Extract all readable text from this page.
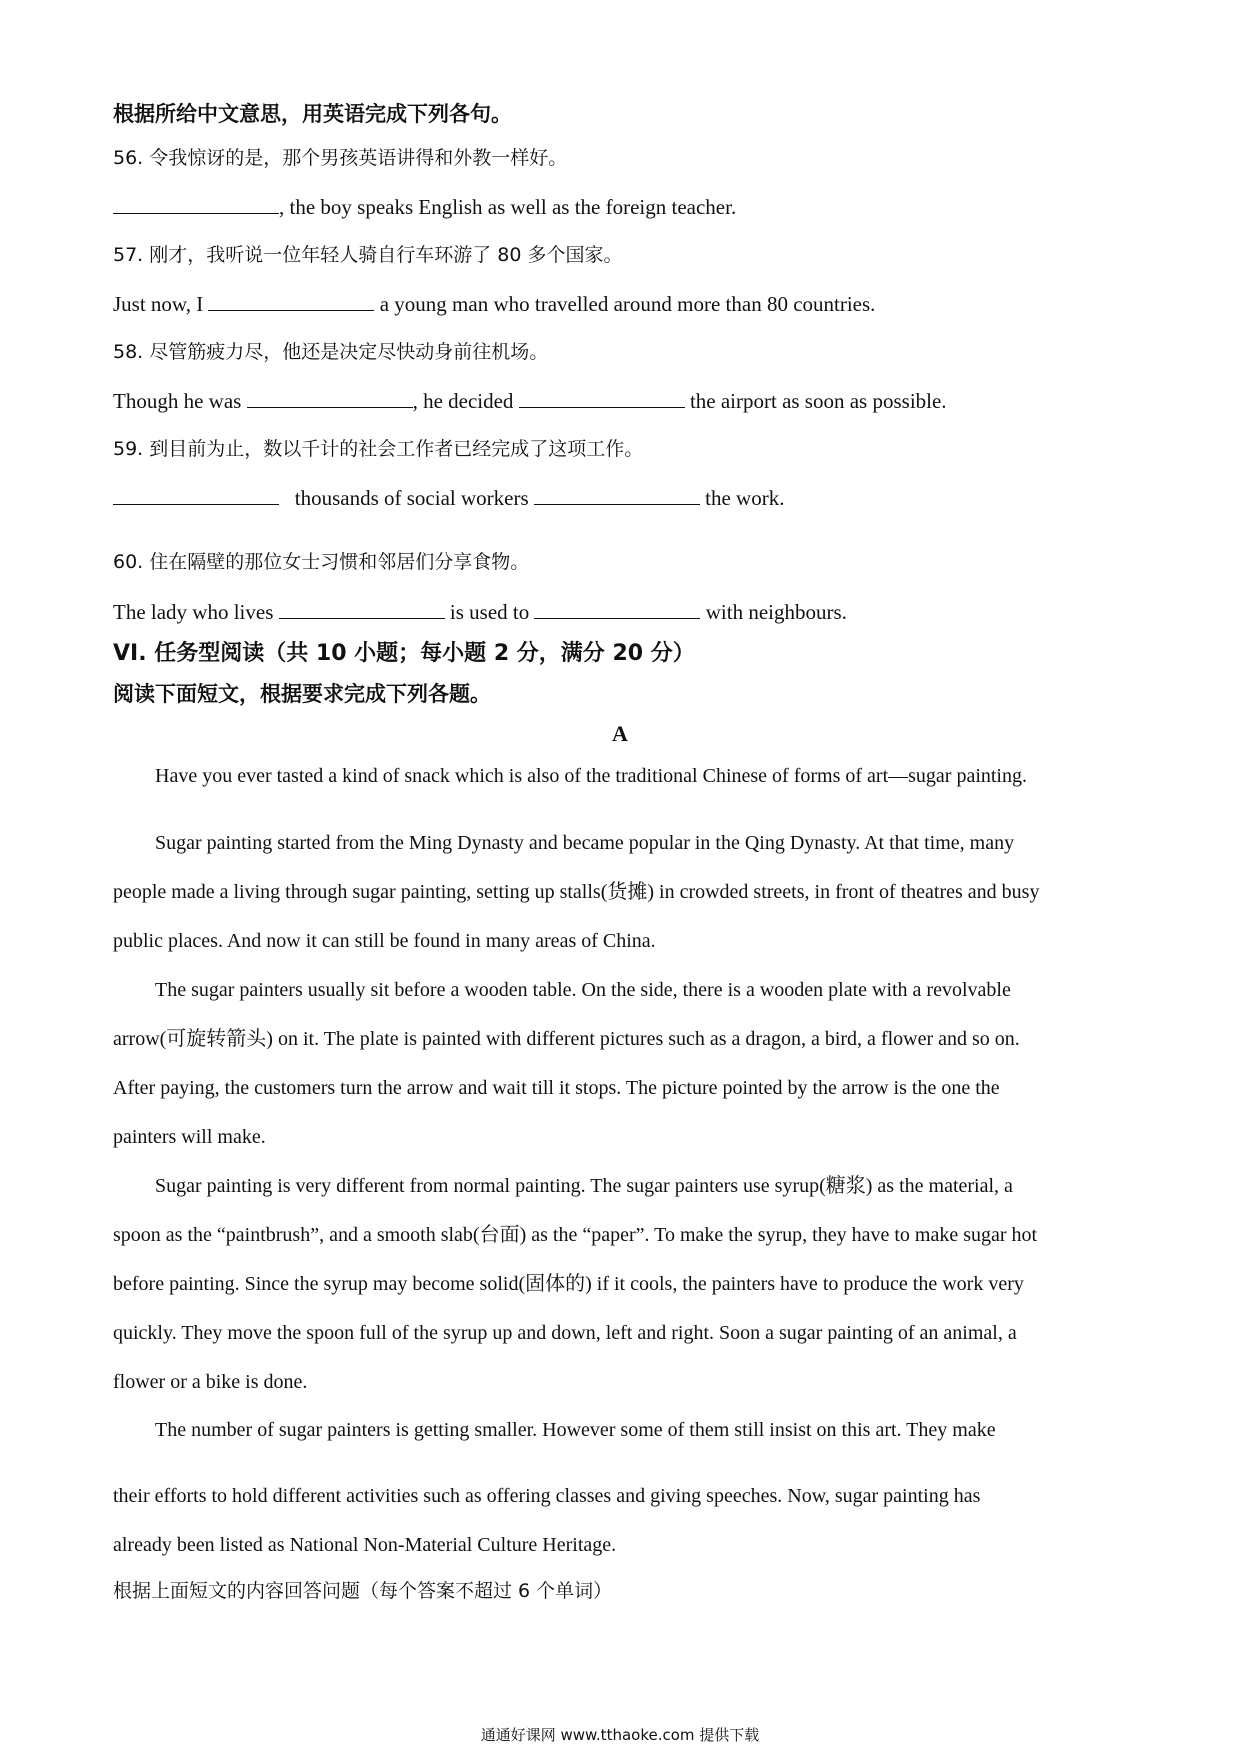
根据所给中文意思，用英语完成下列各句。
56. 令我惊讶的是，那个男孩英语讲得和外教一样好。
, the boy speaks English as well as the foreign teacher.
57. 刚才，我听说一位年轻人骑自行车环游了 80 多个国家。
Just now, I	a young man who travelled around more than 80 countries.
58. 尽管筋疲力尽，他还是决定尽快动身前往机场。
Though he was	, he decided	the airport as soon as possible.
59. 到目前为止，数以千计的社会工作者已经完成了这项工作。
thousands of social workers	the work.
60. 住在隔壁的那位女士习惯和邻居们分享食物。
The lady who lives	is used to	with neighbours.
VI. 任务型阅读（共 10 小题；每小题 2 分，满分 20 分）
阅读下面短文，根据要求完成下列各题。
A
Have you ever tasted a kind of snack which is also of the traditional Chinese of forms of art—sugar painting.
Sugar painting started from the Ming Dynasty and became popular in the Qing Dynasty. At that time, many
people made a living through sugar painting, setting up stalls(货摊) in crowded streets, in front of theatres and busy
public places. And now it can still be found in many areas of China.
The sugar painters usually sit before a wooden table. On the side, there is a wooden plate with a revolvable
arrow(可旋转箭头) on it. The plate is painted with different pictures such as a dragon, a bird, a flower and so on.
After paying, the customers turn the arrow and wait till it stops. The picture pointed by the arrow is the one the
painters will make.
Sugar painting is very different from normal painting. The sugar painters use syrup(糖浆) as the material, a
spoon as the “paintbrush”, and a smooth slab(台面) as the “paper”. To make the syrup, they have to make sugar hot
before painting. Since the syrup may become solid(固体的) if it cools, the painters have to produce the work very
quickly. They move the spoon full of the syrup up and down, left and right. Soon a sugar painting of an animal, a
flower or a bike is done.
The number of sugar painters is getting smaller. However some of them still insist on this art. They make
their efforts to hold different activities such as offering classes and giving speeches. Now, sugar painting has
already been listed as National Non-Material Culture Heritage.
根据上面短文的内容回答问题（每个答案不超过 6 个单词）
通通好课网 www.tthaoke.com 提供下载
